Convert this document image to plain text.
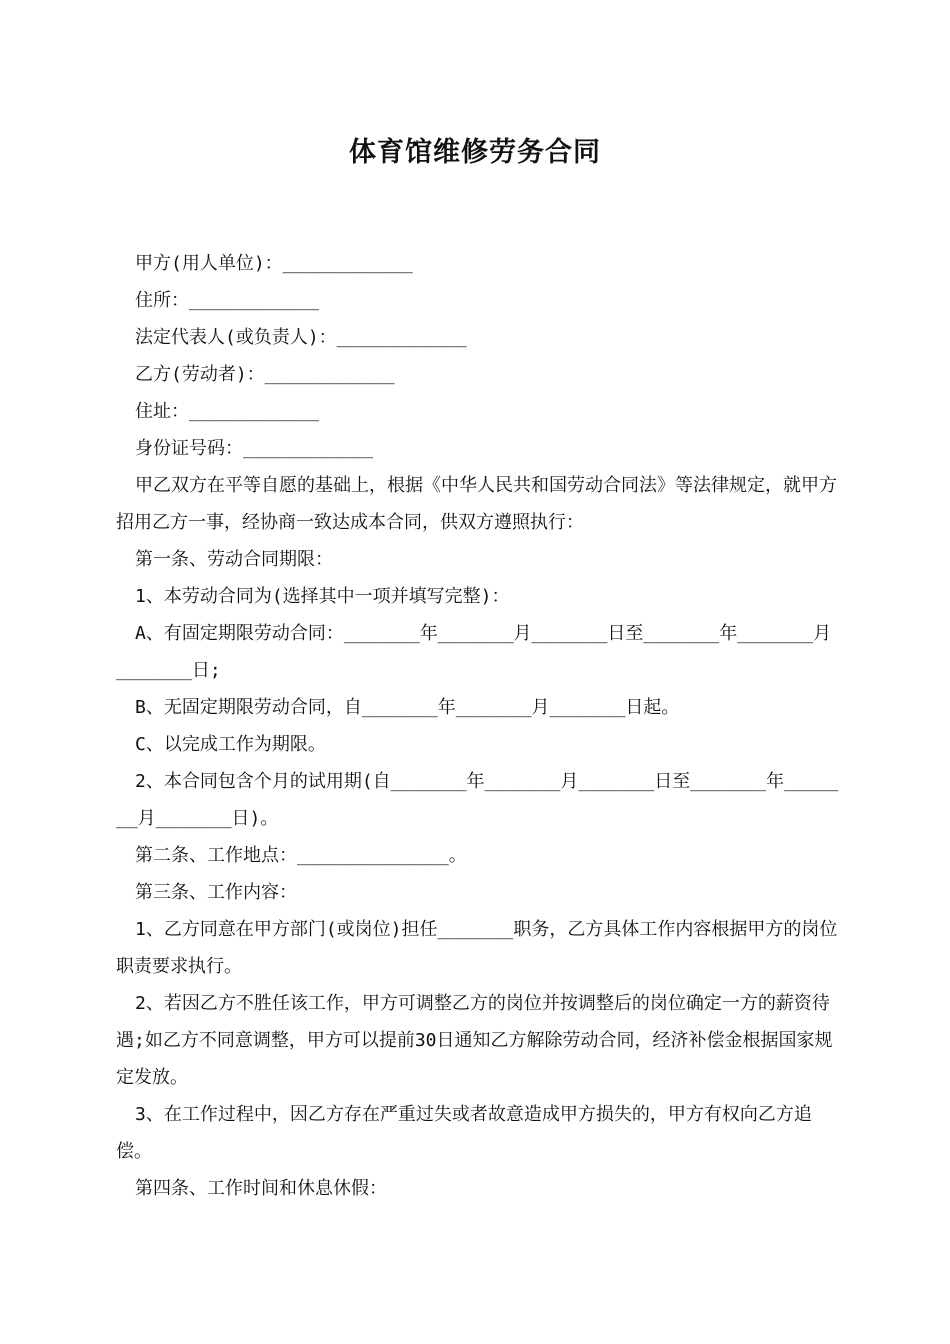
体育馆维修劳务合同

甲方(用人单位)：____________

住所：____________

法定代表人(或负责人)：____________

乙方(劳动者)：____________

住址：____________

身份证号码：____________

甲乙双方在平等自愿的基础上，根据《中华人民共和国劳动合同法》等法律规定，就甲方招用乙方一事，经协商一致达成本合同，供双方遵照执行：

第一条、劳动合同期限：

1、本劳动合同为(选择其中一项并填写完整)：

A、有固定期限劳动合同：_______年_______月_______日至_______年_______月_______日;

B、无固定期限劳动合同，自_______年_______月_______日起。

C、以完成工作为期限。

2、本合同包含个月的试用期(自_______年_______月_______日至_______年_______月_______日)。

第二条、工作地点：______________。

第三条、工作内容：

1、乙方同意在甲方部门(或岗位)担任_______职务，乙方具体工作内容根据甲方的岗位职责要求执行。

2、若因乙方不胜任该工作，甲方可调整乙方的岗位并按调整后的岗位确定一方的薪资待遇;如乙方不同意调整，甲方可以提前30日通知乙方解除劳动合同，经济补偿金根据国家规定发放。

3、在工作过程中，因乙方存在严重过失或者故意造成甲方损失的，甲方有权向乙方追偿。

第四条、工作时间和休息休假：
